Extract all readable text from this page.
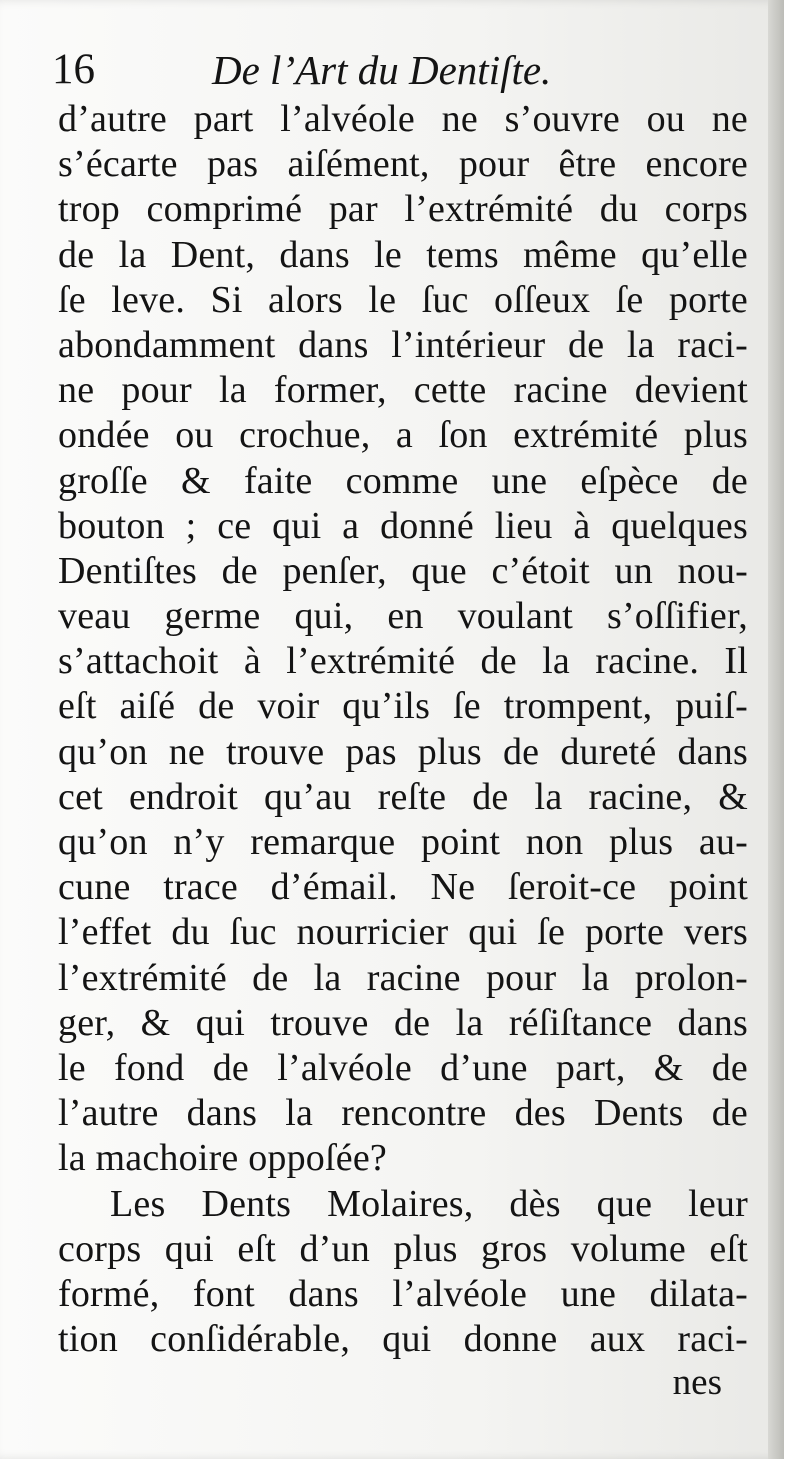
16	De l’Art du Dentiſte.
d’autre part l’alvéole ne s’ouvre ou ne
s’écarte pas aiſément, pour être encore
trop comprimé par l’extrémité du corps
de la Dent, dans le tems même qu’elle
ſe leve. Si alors le ſuc oſſeux ſe porte
abondamment dans l’intérieur de la raci-
ne pour la former, cette racine devient
ondée ou crochue, a ſon extrémité plus
groſſe & faite comme une eſpèce de
bouton ; ce qui a donné lieu à quelques
Dentiſtes de penſer, que c’étoit un nou-
veau germe qui, en voulant s’oſſifier,
s’attachoit à l’extrémité de la racine. Il
eſt aiſé de voir qu’ils ſe trompent, puiſ-
qu’on ne trouve pas plus de dureté dans
cet endroit qu’au reſte de la racine, &
qu’on n’y remarque point non plus au-
cune trace d’émail. Ne ſeroit-ce point
l’effet du ſuc nourricier qui ſe porte vers
l’extrémité de la racine pour la prolon-
ger, & qui trouve de la réſiſtance dans
le fond de l’alvéole d’une part, & de
l’autre dans la rencontre des Dents de
la machoire oppoſée?
Les Dents Molaires, dès que leur
corps qui eſt d’un plus gros volume eſt
formé, font dans l’alvéole une dilata-
tion conſidérable, qui donne aux raci-
nes
